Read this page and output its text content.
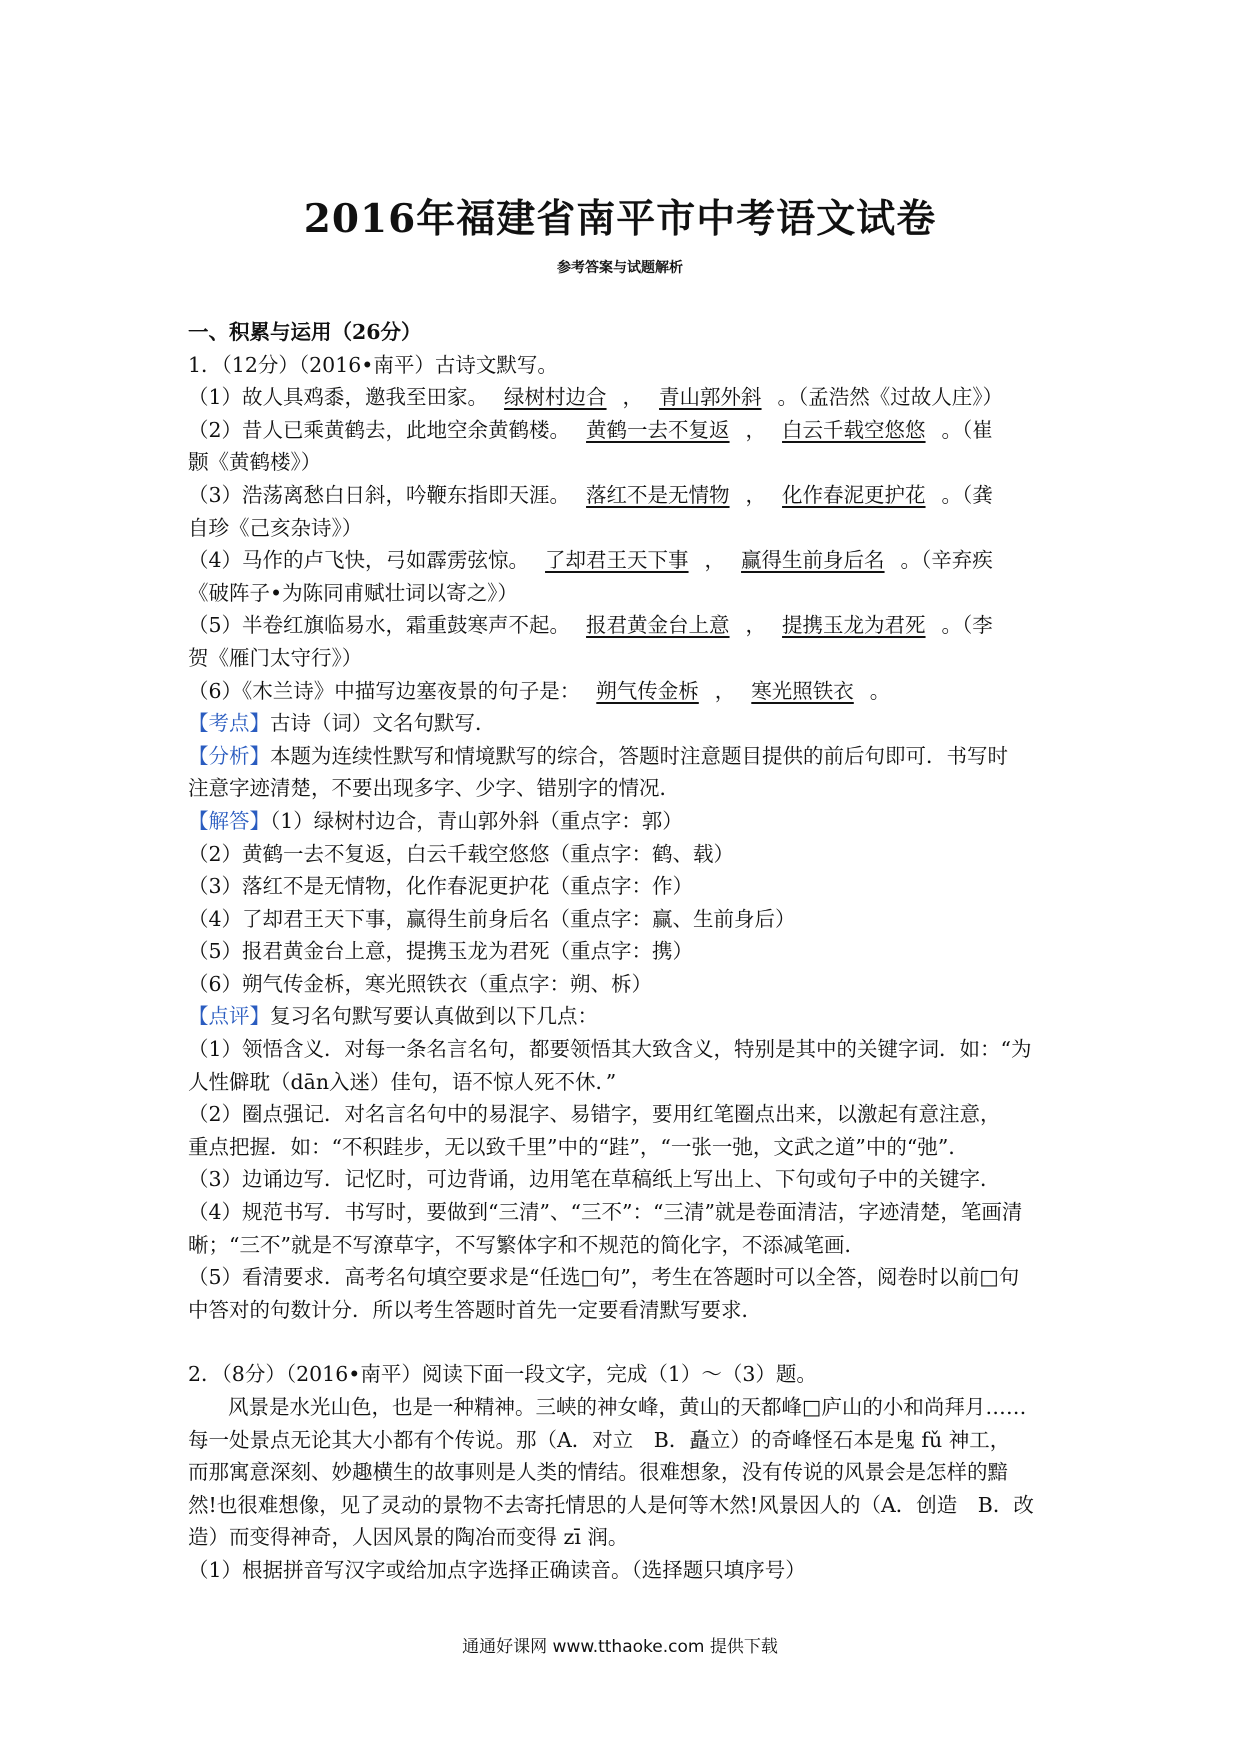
2016年福建省南平市中考语文试卷
参考答案与试题解析
一、积累与运用（26分）
1．（12分）（2016•南平）古诗文默写。
（1）故人具鸡黍，邀我至田家。 绿树村边合 ， 青山郭外斜 。（孟浩然《过故人庄》）
（2）昔人已乘黄鹤去，此地空余黄鹤楼。 黄鹤一去不复返 ， 白云千载空悠悠 。（崔
颢《黄鹤楼》）
（3）浩荡离愁白日斜，吟鞭东指即天涯。 落红不是无情物 ， 化作春泥更护花 。（龚
自珍《己亥杂诗》）
（4）马作的卢飞快，弓如霹雳弦惊。 了却君王天下事 ， 赢得生前身后名 。（辛弃疾
《破阵子•为陈同甫赋壮词以寄之》）
（5）半卷红旗临易水，霜重鼓寒声不起。 报君黄金台上意 ， 提携玉龙为君死 。（李
贺《雁门太守行》）
（6）《木兰诗》中描写边塞夜景的句子是： 朔气传金柝 ， 寒光照铁衣 。
【考点】古诗（词）文名句默写．
【分析】本题为连续性默写和情境默写的综合，答题时注意题目提供的前后句即可．书写时
注意字迹清楚，不要出现多字、少字、错别字的情况．
【解答】（1）绿树村边合，青山郭外斜（重点字：郭）
（2）黄鹤一去不复返，白云千载空悠悠（重点字：鹤、载）
（3）落红不是无情物，化作春泥更护花（重点字：作）
（4）了却君王天下事，赢得生前身后名（重点字：赢、生前身后）
（5）报君黄金台上意，提携玉龙为君死（重点字：携）
（6）朔气传金柝，寒光照铁衣（重点字：朔、柝）
【点评】复习名句默写要认真做到以下几点：
（1）领悟含义．对每一条名言名句，都要领悟其大致含义，特别是其中的关键字词．如：“为
人性僻耽（dān入迷）佳句，语不惊人死不休．”
（2）圈点强记．对名言名句中的易混字、易错字，要用红笔圈点出来，以激起有意注意，
重点把握．如：“不积跬步，无以致千里”中的“跬”，“一张一弛，文武之道”中的“弛”．
（3）边诵边写．记忆时，可边背诵，边用笔在草稿纸上写出上、下句或句子中的关键字．
（4）规范书写．书写时，要做到“三清”、“三不”：“三清”就是卷面清洁，字迹清楚，笔画清
晰；“三不”就是不写潦草字，不写繁体字和不规范的简化字，不添减笔画．
（5）看清要求．高考名句填空要求是“任选□句”，考生在答题时可以全答，阅卷时以前□句
中答对的句数计分．所以考生答题时首先一定要看清默写要求．
2．（8分）（2016•南平）阅读下面一段文字，完成（1）～（3）题。
风景是水光山色，也是一种精神。三峡的神女峰，黄山的天都峰□庐山的小和尚拜月……
每一处景点无论其大小都有个传说。那（A．对立　B．矗立）的奇峰怪石本是鬼 fǔ 神工，
而那寓意深刻、妙趣横生的故事则是人类的情结。很难想象，没有传说的风景会是怎样的黯
然!也很难想像，见了灵动的景物不去寄托情思的人是何等木然!风景因人的（A．创造　B．改
造）而变得神奇，人因风景的陶冶而变得 zī 润。
（1）根据拼音写汉字或给加点字选择正确读音。（选择题只填序号）
通通好课网 www.tthaoke.com 提供下载
